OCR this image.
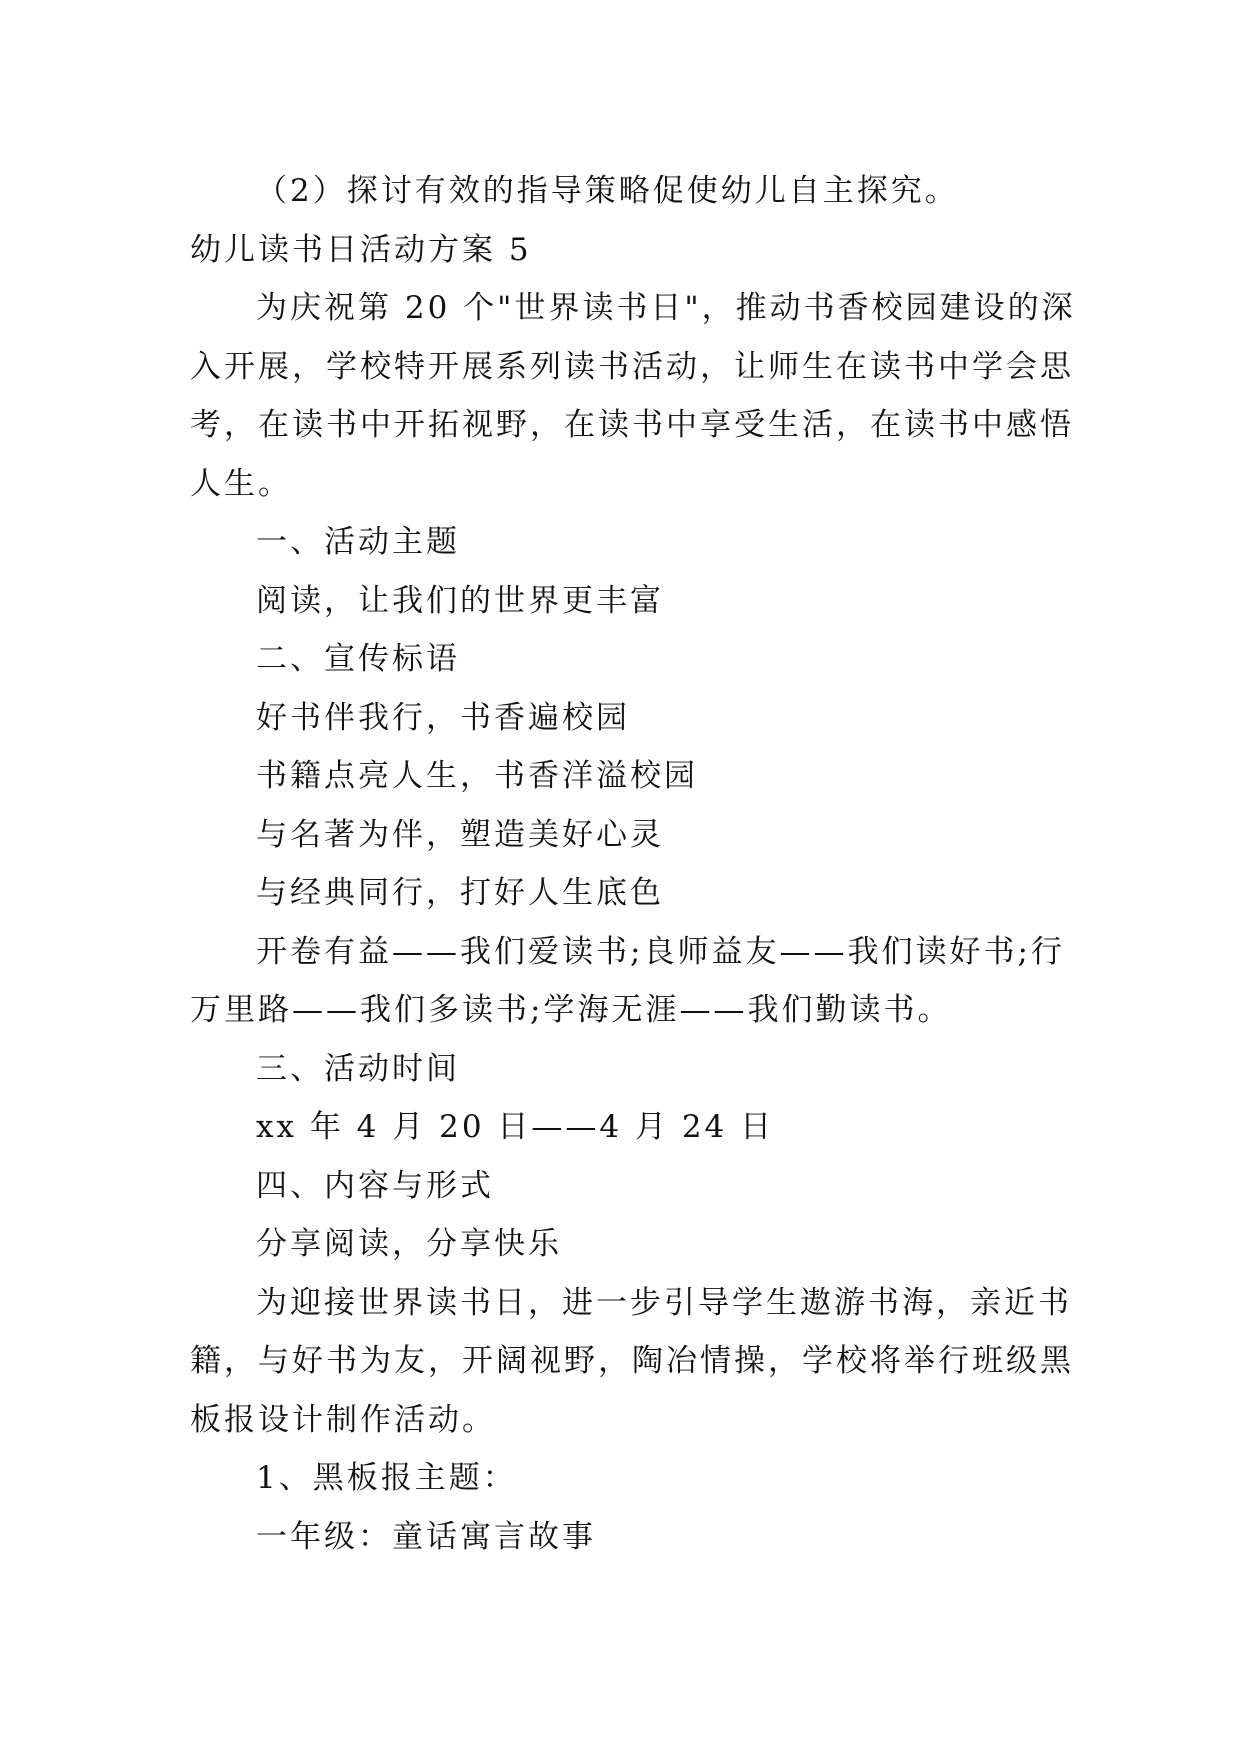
（2）探讨有效的指导策略促使幼儿自主探究。

幼儿读书日活动方案 5

为庆祝第 20 个"世界读书日"，推动书香校园建设的深

入开展，学校特开展系列读书活动，让师生在读书中学会思

考，在读书中开拓视野，在读书中享受生活，在读书中感悟

人生。

一、活动主题

阅读，让我们的世界更丰富

二、宣传标语

好书伴我行，书香遍校园

书籍点亮人生，书香洋溢校园

与名著为伴，塑造美好心灵

与经典同行，打好人生底色

开卷有益——我们爱读书;良师益友——我们读好书;行

万里路——我们多读书;学海无涯——我们勤读书。

三、活动时间

xx 年 4 月 20 日——4 月 24 日

四、内容与形式

分享阅读，分享快乐

为迎接世界读书日，进一步引导学生遨游书海，亲近书

籍，与好书为友，开阔视野，陶冶情操，学校将举行班级黑

板报设计制作活动。

1、黑板报主题：

一年级：童话寓言故事
